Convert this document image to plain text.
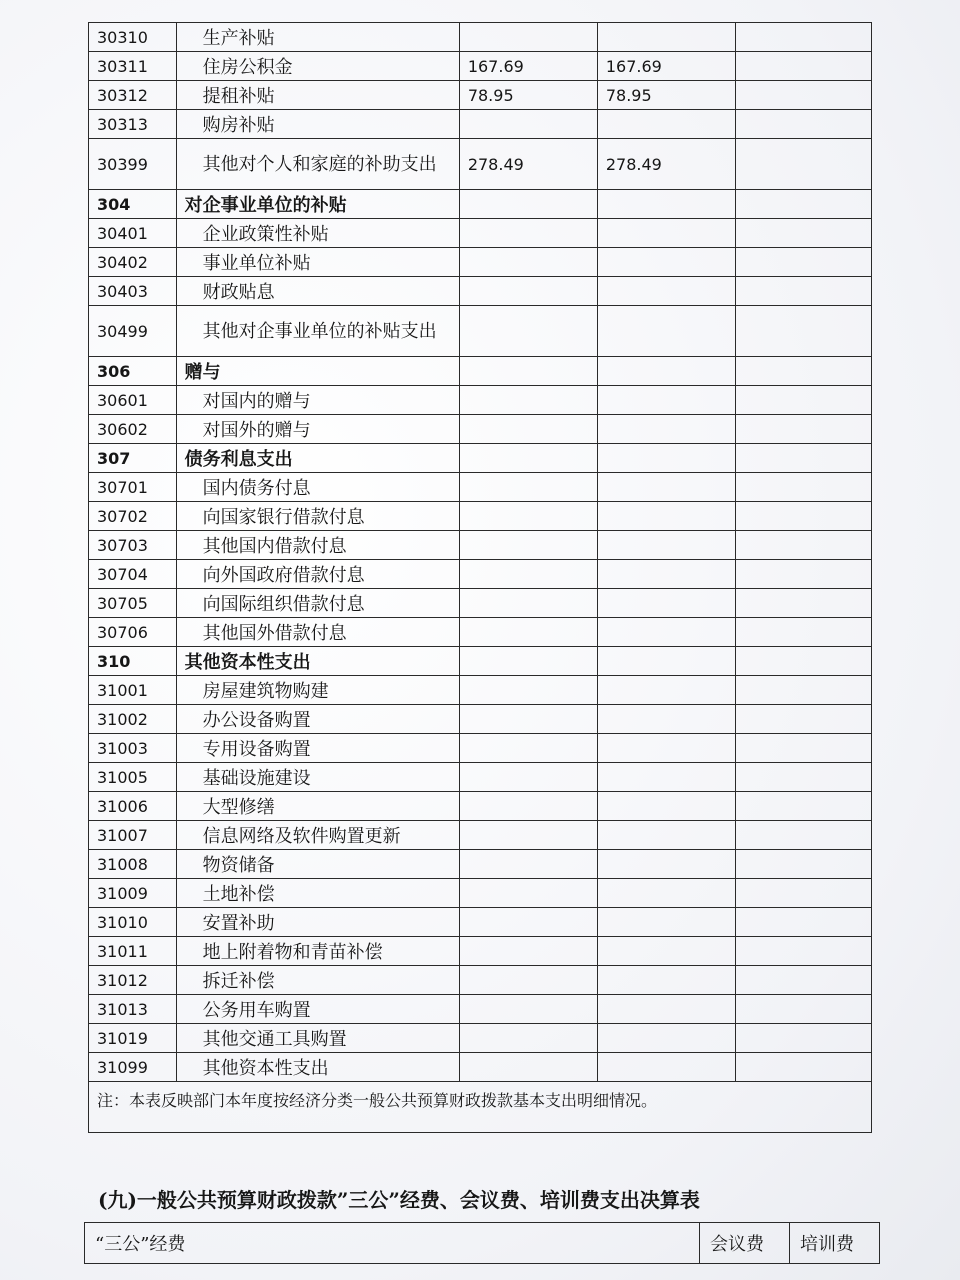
30310	生产补贴			
30311	住房公积金	167.69	167.69	
30312	提租补贴	78.95	78.95	
30313	购房补贴			
30399	其他对个人和家庭的补助支出	278.49	278.49	
304	对企事业单位的补贴			
30401	企业政策性补贴			
30402	事业单位补贴			
30403	财政贴息			
30499	其他对企事业单位的补贴支出			
306	赠与			
30601	对国内的赠与			
30602	对国外的赠与			
307	债务利息支出			
30701	国内债务付息			
30702	向国家银行借款付息			
30703	其他国内借款付息			
30704	向外国政府借款付息			
30705	向国际组织借款付息			
30706	其他国外借款付息			
310	其他资本性支出			
31001	房屋建筑物购建			
31002	办公设备购置			
31003	专用设备购置			
31005	基础设施建设			
31006	大型修缮			
31007	信息网络及软件购置更新			
31008	物资储备			
31009	土地补偿			
31010	安置补助			
31011	地上附着物和青苗补偿			
31012	拆迁补偿			
31013	公务用车购置			
31019	其他交通工具购置			
31099	其他资本性支出			
注：本表反映部门本年度按经济分类一般公共预算财政拨款基本支出明细情况。				
(九)一般公共预算财政拨款”三公”经费、会议费、培训费支出决算表
“三公”经费	会议费	培训费
